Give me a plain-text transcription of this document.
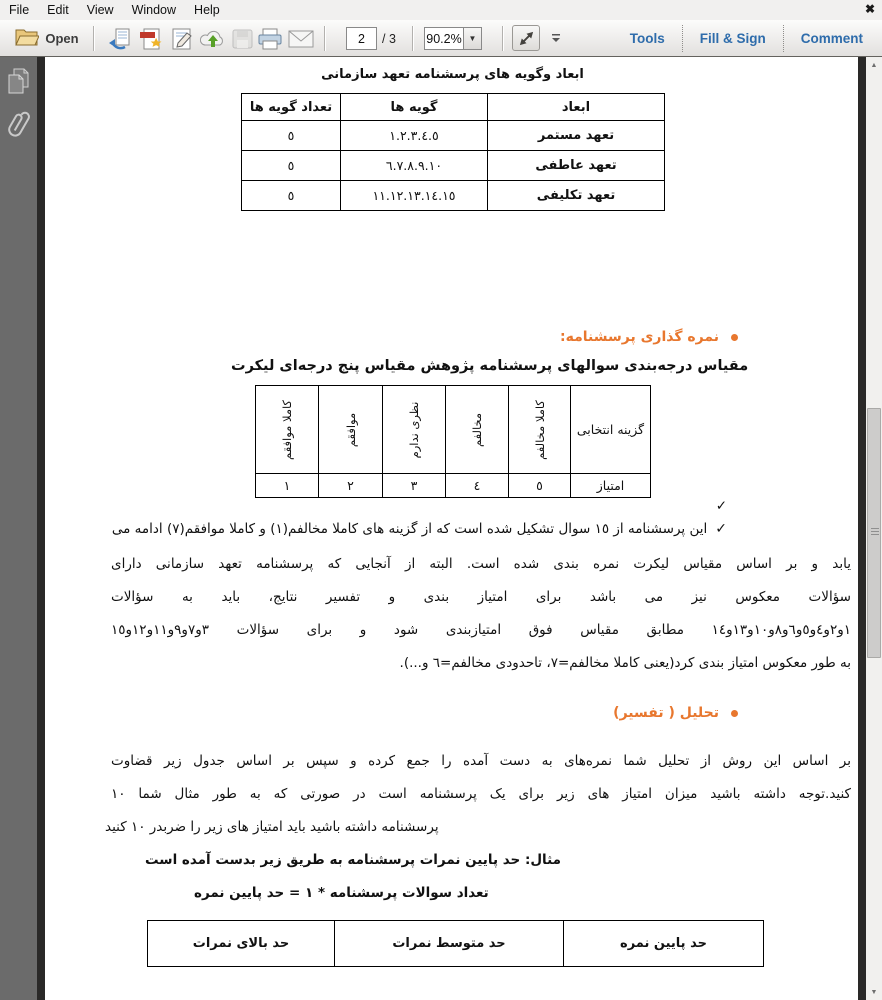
File	Edit	View	Window	Help	✖
Open	2	/ 3 90.2% ▼	Tools	Fill & Sign	Comment
▲
▼
ابعاد وگویه های پرسشنامه تعهد سازمانی
ابعاد	گویه ها	تعداد گویه ها
تعهد مستمر	١.٢.٣.٤.٥	٥
تعهد عاطفی	٦.٧.٨.٩.١٠	٥
تعهد تکلیفی	١١.١٢.١٣.١٤.١٥	٥
نمره گذاری پرسشنامه:
مقیاس درجه‌بندی سوالهای پرسشنامه پژوهش مقیاس پنج درجه‌ای لیکرت
گزینه انتخابی	کاملا مخالفم	مخالفم	نظری ندارم	موافقم	کاملا موافقم

امتیاز	٥	٤	٣	٢	١
✓
✓این پرسشنامه از ١٥ سوال تشکیل شده است که از گزینه های کاملا مخالفم(١) و کاملا موافقم(٧) ادامه می
یابد و بر اساس مقیاس لیکرت نمره بندی شده است. البته از آنجایی که پرسشنامه تعهد سازمانی دارای
سؤالات معکوس نیز می باشد برای امتیاز بندی و تفسیر نتایج، باید به سؤالات
١و٢و٤و٥و٦و٨و١٠و١٣و١٤ مطابق مقیاس فوق امتیازبندی شود و برای سؤالات ٣و٧و٩و١١و١٢و١٥
به طور معکوس امتیاز بندی کرد(یعنی کاملا مخالفم=٧، تاحدودی مخالفم=٦ و...).
تحلیل ( تفسیر)
بر اساس این روش از تحلیل شما نمره‌های به دست آمده را جمع کرده و سپس بر اساس جدول زیر قضاوت
کنید.توجه داشته باشید میزان امتیاز های زیر برای یک پرسشنامه است در صورتی که به طور مثال شما ١٠
پرسشنامه داشته باشید باید امتیاز های زیر را ضربدر ١٠ کنید
مثال: حد پایین نمرات پرسشنامه به طریق زیر بدست آمده است
تعداد سوالات پرسشنامه * ١ = حد پایین نمره
حد پایین نمره	حد متوسط نمرات	حد بالای نمرات
